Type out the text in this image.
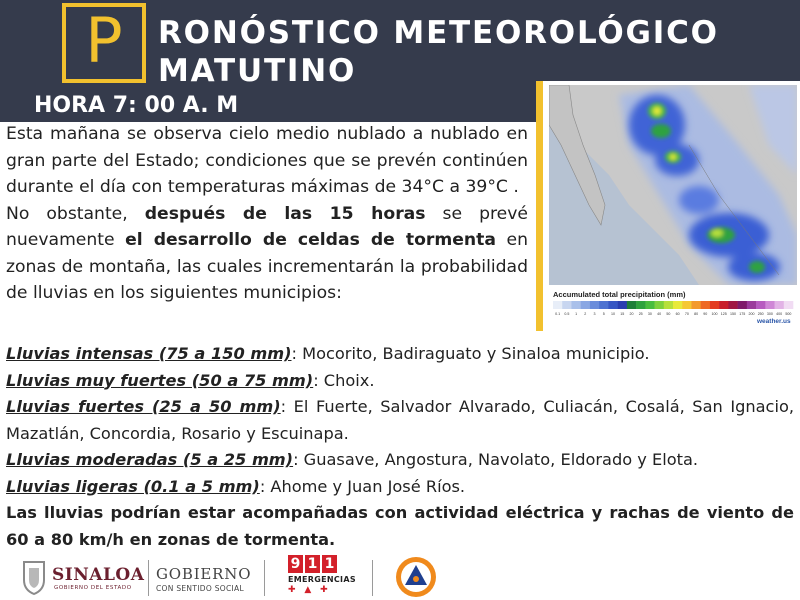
P RONÓSTICO METEOROLÓGICO MATUTINO
HORA 7: 00 A. M
Accumulated total precipitation (mm)
0.1 0.5 1 2 3 5 10 15 20 25 30 40 50 60 70 80 90 100 125 150 175 200 250 300 400 500
weather.us
Esta mañana se observa cielo medio nublado a nublado en gran parte del Estado; condiciones que se prevén continúen durante el día con temperaturas máximas de 34°C a 39°C .
No obstante, después de las 15 horas se prevé nuevamente el desarrollo de celdas de tormenta en zonas de montaña, las cuales incrementarán la probabilidad de lluvias en los siguientes municipios:
Lluvias intensas (75 a 150 mm): Mocorito, Badiraguato y Sinaloa municipio.
Lluvias muy fuertes (50 a 75 mm): Choix.
Lluvias fuertes (25 a 50 mm): El Fuerte, Salvador Alvarado, Culiacán, Cosalá, San Ignacio, Mazatlán, Concordia, Rosario y Escuinapa.
Lluvias moderadas (5 a 25 mm): Guasave, Angostura, Navolato, Eldorado y Elota.
Lluvias ligeras (0.1 a 5 mm): Ahome y Juan José Ríos.
Las lluvias podrían estar acompañadas con actividad eléctrica y rachas de viento de 60 a 80 km/h en zonas de tormenta.
SINALOA
GOBIERNO DEL ESTADO
GOBIERNO
CON SENTIDO SOCIAL
9 1 1
EMERGENCIAS
✚ ▲ ✚
